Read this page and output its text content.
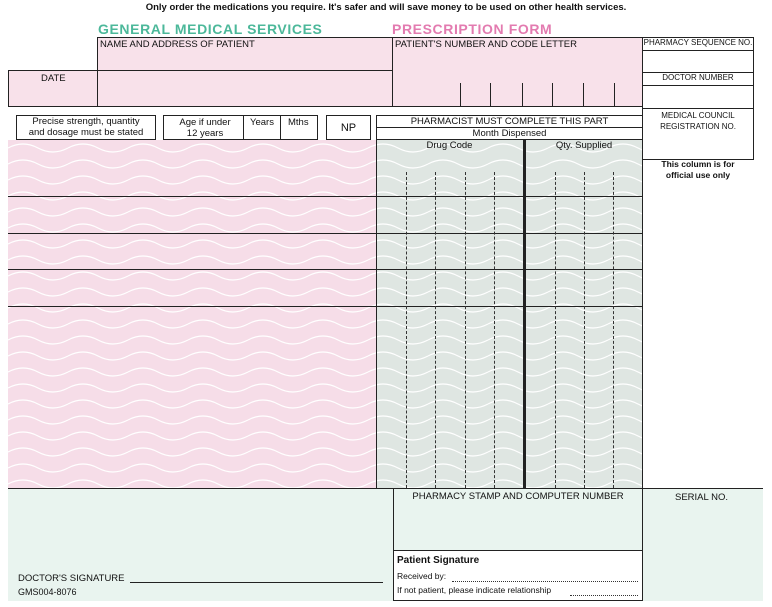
Only order the medications you require. It's safer and will save money to be used on other health services.
GENERAL MEDICAL SERVICES	PRESCRIPTION FORM
NAME AND ADDRESS OF PATIENT
DATE
PATIENT'S NUMBER AND CODE LETTER	PHARMACY SEQUENCE NO.
DOCTOR NUMBER
MEDICAL COUNCIL
REGISTRATION NO.
This column is for
official use only
Precise strength, quantity
and dosage must be stated
Age if under
12 years
Years Mths	NP
PHARMACIST MUST COMPLETE THIS PART
Month Dispensed
Drug Code	Qty. Supplied
DOCTOR'S SIGNATURE
GMS004-8076
PHARMACY STAMP AND COMPUTER NUMBER
Patient Signature
Received by:
If not patient, please indicate relationship
SERIAL NO.
